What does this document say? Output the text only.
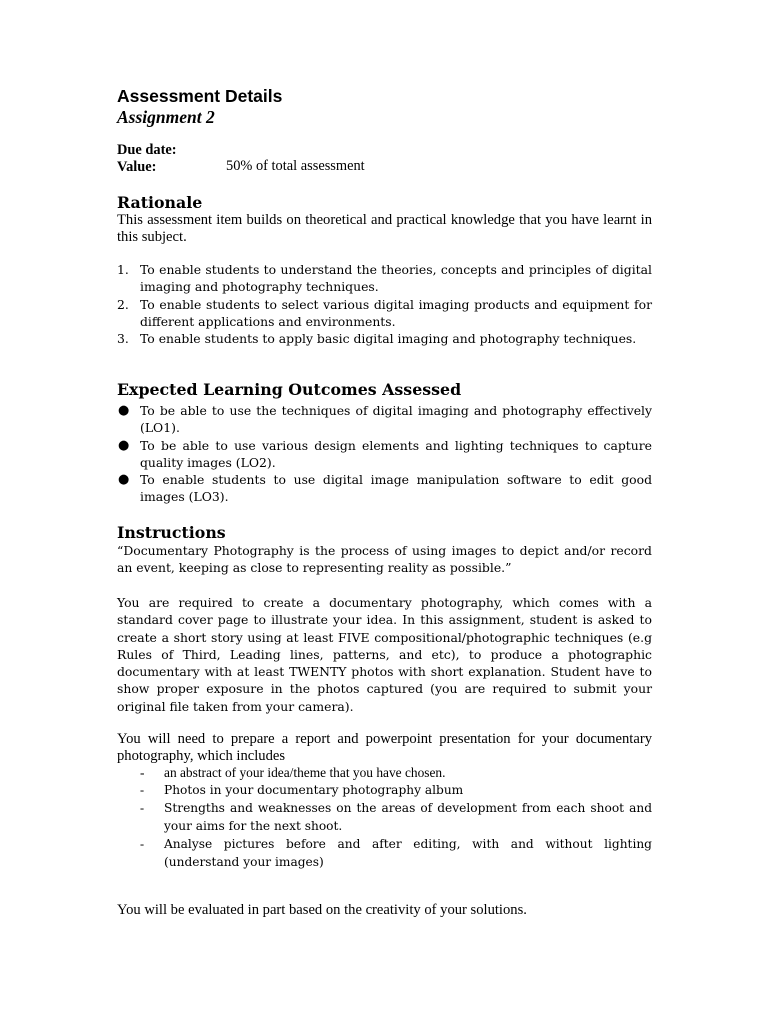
Assessment Details
Assignment 2
Due date:
Value:	50% of total assessment
Rationale
This assessment item builds on theoretical and practical knowledge that you have learnt in this subject.
1. To enable students to understand the theories, concepts and principles of digital imaging and photography techniques.
2. To enable students to select various digital imaging products and equipment for different applications and environments.
3. To enable students to apply basic digital imaging and photography techniques.
Expected Learning Outcomes Assessed
● To be able to use the techniques of digital imaging and photography effectively (LO1).
● To be able to use various design elements and lighting techniques to capture quality images (LO2).
● To enable students to use digital image manipulation software to edit good images (LO3).
Instructions
“Documentary Photography is the process of using images to depict and/or record an event, keeping as close to representing reality as possible.”
You are required to create a documentary photography, which comes with a standard cover page to illustrate your idea. In this assignment, student is asked to create a short story using at least FIVE compositional/photographic techniques (e.g Rules of Third, Leading lines, patterns, and etc), to produce a photographic documentary with at least TWENTY photos with short explanation. Student have to show proper exposure in the photos captured (you are required to submit your original file taken from your camera).
You will need to prepare a report and powerpoint presentation for your documentary photography, which includes
- an abstract of your idea/theme that you have chosen.
- Photos in your documentary photography album
- Strengths and weaknesses on the areas of development from each shoot and your aims for the next shoot.
- Analyse pictures before and after editing, with and without lighting (understand your images)
You will be evaluated in part based on the creativity of your solutions.
